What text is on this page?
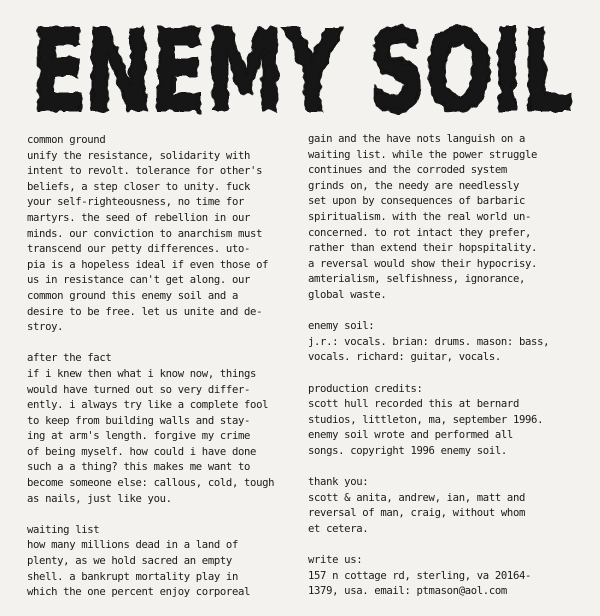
ENEMY SOIL
common ground
unify the resistance, solidarity with
intent to revolt. tolerance for other's
beliefs, a step closer to unity. fuck
your self-righteousness, no time for
martyrs. the seed of rebellion in our
minds. our conviction to anarchism must
transcend our petty differences. uto-
pia is a hopeless ideal if even those of
us in resistance can't get along. our
common ground this enemy soil and a
desire to be free. let us unite and de-
stroy.
after the fact
if i knew then what i know now, things
would have turned out so very differ-
ently. i always try like a complete fool
to keep from building walls and stay-
ing at arm's length. forgive my crime
of being myself. how could i have done
such a a thing? this makes me want to
become someone else: callous, cold, tough
as nails, just like you.
waiting list
how many millions dead in a land of
plenty, as we hold sacred an empty
shell. a bankrupt mortality play in
which the one percent enjoy corporeal
gain and the have nots languish on a
waiting list. while the power struggle
continues and the corroded system
grinds on, the needy are needlessly
set upon by consequences of barbaric
spiritualism. with the real world un-
concerned. to rot intact they prefer,
rather than extend their hopspitality.
a reversal would show their hypocrisy.
amterialism, selfishness, ignorance,
global waste.
enemy soil:
j.r.: vocals. brian: drums. mason: bass,
vocals. richard: guitar, vocals.
production credits:
scott hull recorded this at bernard
studios, littleton, ma, september 1996.
enemy soil wrote and performed all
songs. copyright 1996 enemy soil.
thank you:
scott & anita, andrew, ian, matt and
reversal of man, craig, without whom
et cetera.
write us:
157 n cottage rd, sterling, va 20164-
1379, usa. email: ptmason@aol.com
